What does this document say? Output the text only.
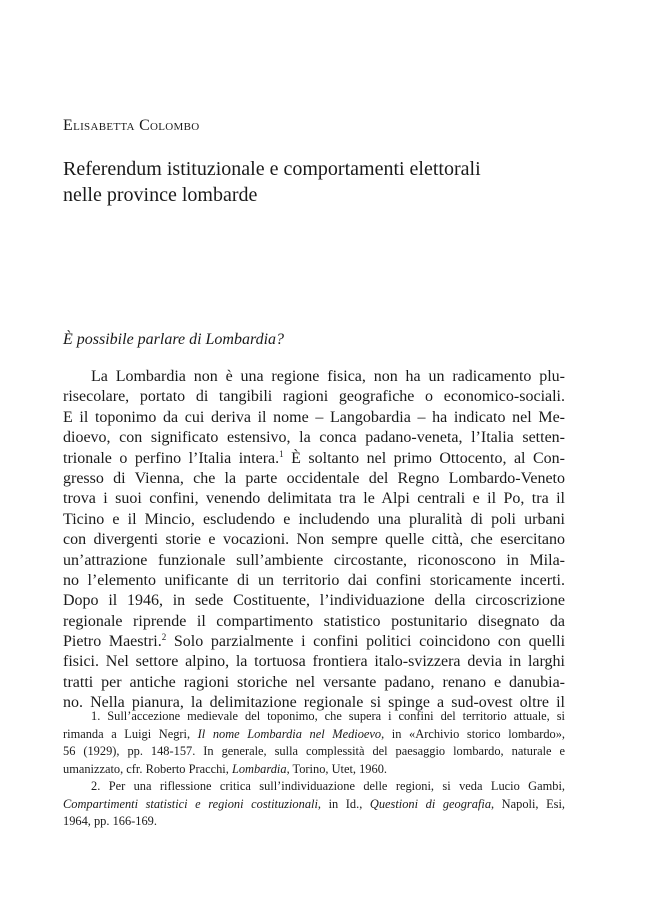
Elisabetta Colombo
Referendum istituzionale e comportamenti elettorali
nelle province lombarde
È possibile parlare di Lombardia?
La Lombardia non è una regione fisica, non ha un radicamento plu-
risecolare, portato di tangibili ragioni geografiche o economico-sociali.
E il toponimo da cui deriva il nome – Langobardia – ha indicato nel Me-
dioevo, con significato estensivo, la conca padano-veneta, l’Italia setten-
trionale o perfino l’Italia intera.$^1$ È soltanto nel primo Ottocento, al Con-
gresso di Vienna, che la parte occidentale del Regno Lombardo-Veneto
trova i suoi confini, venendo delimitata tra le Alpi centrali e il Po, tra il
Ticino e il Mincio, escludendo e includendo una pluralità di poli urbani
con divergenti storie e vocazioni. Non sempre quelle città, che esercitano
un’attrazione funzionale sull’ambiente circostante, riconoscono in Mila-
no l’elemento unificante di un territorio dai confini storicamente incerti.
Dopo il 1946, in sede Costituente, l’individuazione della circoscrizione
regionale riprende il compartimento statistico postunitario disegnato da
Pietro Maestri.$^2$ Solo parzialmente i confini politici coincidono con quelli
fisici. Nel settore alpino, la tortuosa frontiera italo-svizzera devia in larghi
tratti per antiche ragioni storiche nel versante padano, renano e danubia-
no. Nella pianura, la delimitazione regionale si spinge a sud-ovest oltre il
1. Sull’accezione medievale del toponimo, che supera i confini del territorio attuale, si
rimanda a Luigi Negri, Il nome Lombardia nel Medioevo, in «Archivio storico lombardo»,
56 (1929), pp. 148-157. In generale, sulla complessità del paesaggio lombardo, naturale e
umanizzato, cfr. Roberto Pracchi, Lombardia, Torino, Utet, 1960.
2. Per una riflessione critica sull’individuazione delle regioni, si veda Lucio Gambi,
Compartimenti statistici e regioni costituzionali, in Id., Questioni di geografia, Napoli, Esi,
1964, pp. 166-169.
